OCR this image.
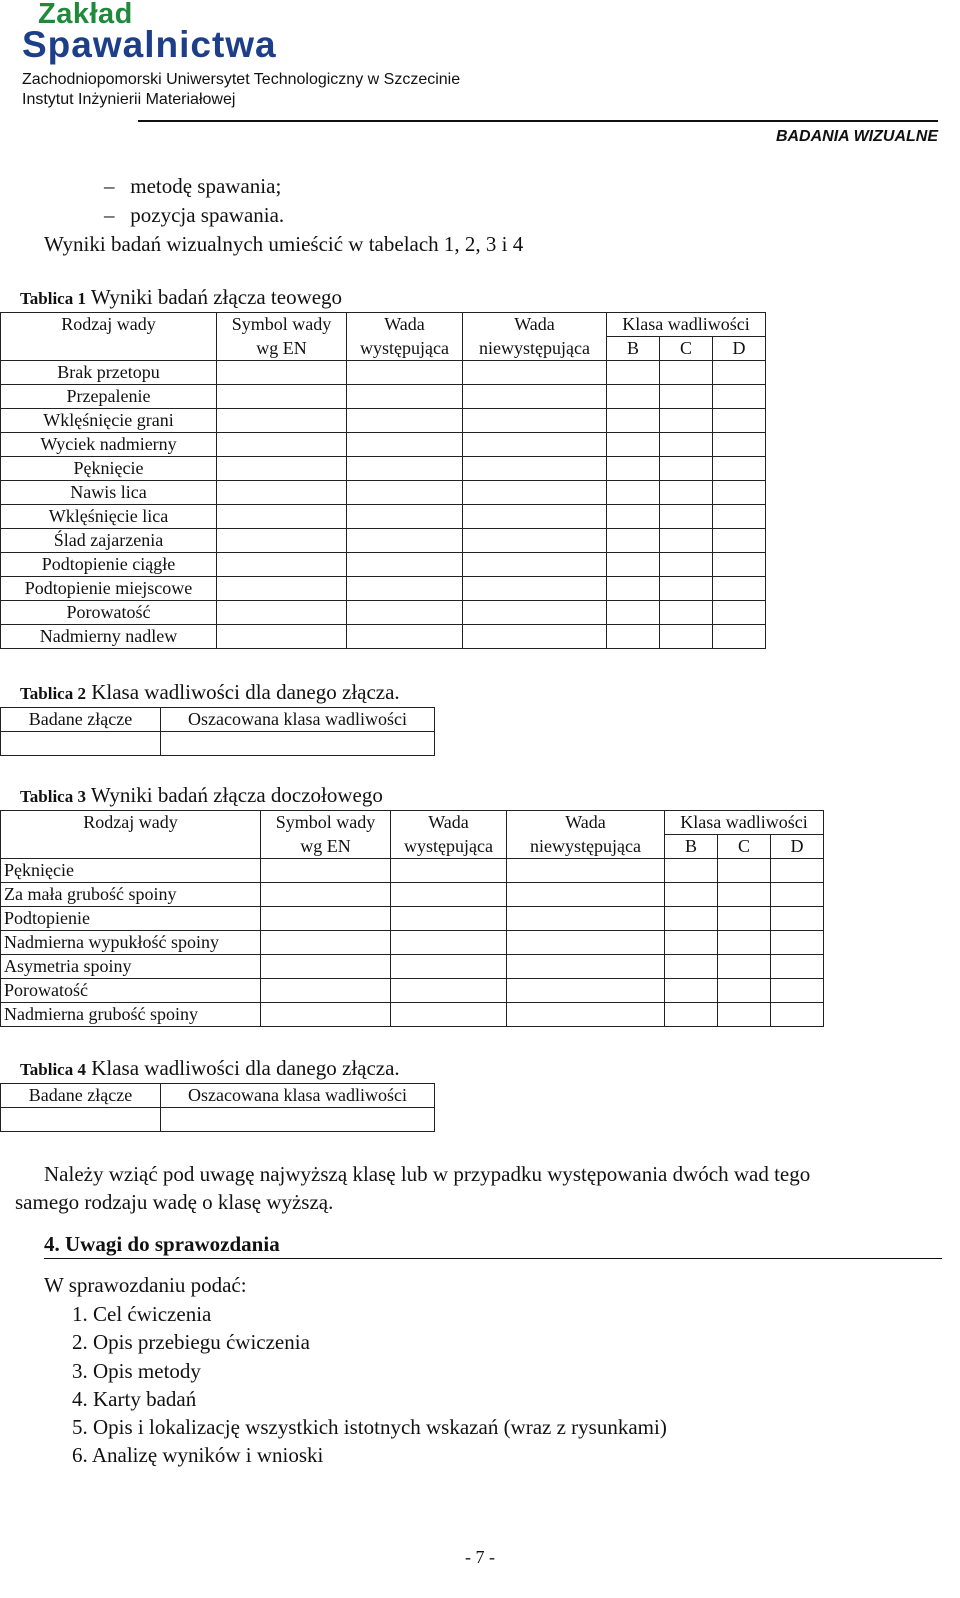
Zakład
Spawalnictwa
Zachodniopomorski Uniwersytet Technologiczny w Szczecinie
Instytut Inżynierii Materiałowej
BADANIA WIZUALNE
–   metodę spawania;
–   pozycja spawania.
Wyniki badań wizualnych umieścić w tabelach 1, 2, 3 i 4
Tablica 1 Wyniki badań złącza teowego
Rodzaj wady	Symbol wady	Wada	Wada	Klasa wadliwości		
	wg EN	występująca	niewystępująca	B	C	D
Brak przetopu						
Przepalenie						
Wklęśnięcie grani						
Wyciek nadmierny						
Pęknięcie						
Nawis lica						
Wklęśnięcie lica						
Ślad zajarzenia						
Podtopienie ciągłe						
Podtopienie miejscowe						
Porowatość						
Nadmierny nadlew						
Tablica 2 Klasa wadliwości dla danego złącza.
Badane złącze	Oszacowana klasa wadliwości

Tablica 3 Wyniki badań złącza doczołowego
Rodzaj wady	Symbol wady	Wada	Wada	Klasa wadliwości		
	wg EN	występująca	niewystępująca	B	C	D
Pęknięcie						
Za mała grubość spoiny						
Podtopienie						
Nadmierna wypukłość spoiny						
Asymetria spoiny						
Porowatość						
Nadmierna grubość spoiny						
Tablica 4 Klasa wadliwości dla danego złącza.
Badane złącze	Oszacowana klasa wadliwości

Należy wziąć pod uwagę najwyższą klasę lub w przypadku występowania dwóch wad tego
samego rodzaju wadę o klasę wyższą.
4. Uwagi do sprawozdania
W sprawozdaniu podać:
1. Cel ćwiczenia
2. Opis przebiegu ćwiczenia
3. Opis metody
4. Karty badań
5. Opis i lokalizację wszystkich istotnych wskazań (wraz z rysunkami)
6. Analizę wyników i wnioski
- 7 -
